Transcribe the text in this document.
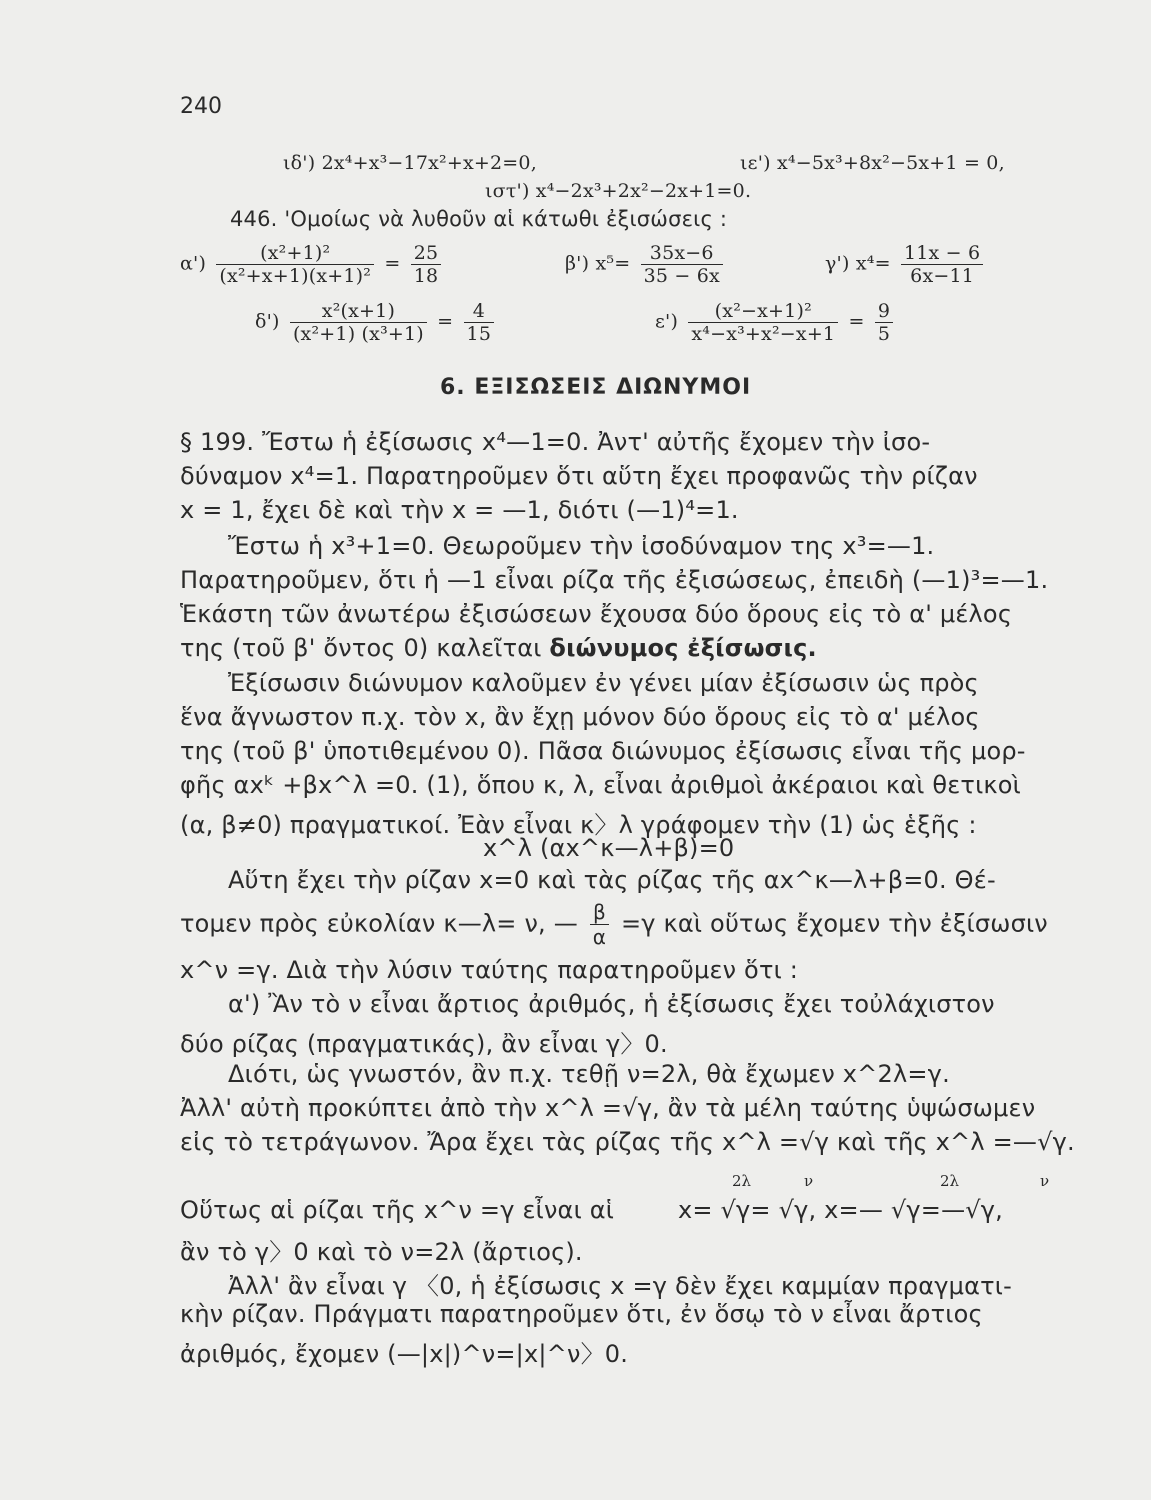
240
ιδ') 2x⁴+x³−17x²+x+2=0,	ιε') x⁴−5x³+8x²−5x+1 = 0,
ιστ') x⁴−2x³+2x²−2x+1=0.
446. 'Ομοίως νὰ λυθοῦν αἱ κάτωθι ἐξισώσεις :
$\alpha') \frac{\text{(x²+1)²}}{\text{(x²+x+1)(x+1)²}} = \frac{25}{18}$	β') $x^5= \frac{35x-6}{35 - 6x}$	γ') $x^4= \frac{11x - 6}{6x-11}$
$\delta') \frac{\text{x²(x+1)}}{\text{(x²+1) (x³+1)}} = \frac{4}{15}$	$\varepsilon') \frac{\text{(x²−x+1)²}}{\text{x⁴−x³+x²−x+1}} = \frac{9}{5}$
6. ΕΞΙΣΩΣΕΙΣ ΔΙΩΝΥΜΟΙ
§ 199. Ἔστω ἡ ἐξίσωσις x⁴—1=0. Ἀντ' αὐτῆς ἔχομεν τὴν ἰσο-
δύναμον x⁴=1. Παρατηροῦμεν ὅτι αὕτη ἔχει προφανῶς τὴν ρίζαν
x = 1, ἔχει δὲ καὶ τὴν x = —1, διότι (—1)⁴=1.
Ἔστω ἡ x³+1=0. Θεωροῦμεν τὴν ἰσοδύναμον της x³=—1.
Παρατηροῦμεν, ὅτι ἡ —1 εἶναι ρίζα τῆς ἐξισώσεως, ἐπειδὴ (—1)³=—1.
Ἑκάστη τῶν ἀνωτέρω ἐξισώσεων ἔχουσα δύο ὅρους εἰς τὸ α' μέλος
της (τοῦ β' ὄντος 0) καλεῖται διώνυμος ἐξίσωσις.
Ἐξίσωσιν διώνυμον καλοῦμεν ἐν γένει μίαν ἐξίσωσιν ὡς πρὸς
ἕνα ἄγνωστον π.χ. τὸν x, ἂν ἔχῃ μόνον δύο ὅρους εἰς τὸ α' μέλος
της (τοῦ β' ὑποτιθεμένου 0). Πᾶσα διώνυμος ἐξίσωσις εἶναι τῆς μορ-
φῆς αxᵏ +βx^λ =0. (1), ὅπου κ, λ, εἶναι ἀριθμοὶ ἀκέραιοι καὶ θετικοὶ
(α, β≠0) πραγματικοί. Ἐὰν εἶναι κ〉λ γράφομεν τὴν (1) ὡς ἑξῆς :
x^λ (αx^κ—λ+β)=0
Αὕτη ἔχει τὴν ρίζαν x=0 καὶ τὰς ρίζας τῆς αx^κ—λ+β=0. Θέ-
τομεν πρὸς εὐκολίαν κ—λ= ν, — $\frac{\beta}{\alpha} =\gamma$ καὶ οὕτως ἔχομεν τὴν ἐξίσωσιν
x^ν =γ. Διὰ τὴν λύσιν ταύτης παρατηροῦμεν ὅτι :
α') Ἂν τὸ ν εἶναι ἄρτιος ἀριθμός, ἡ ἐξίσωσις ἔχει τοὐλάχιστον
δύο ρίζας (πραγματικάς), ἂν εἶναι γ〉0.
Διότι, ὡς γνωστόν, ἂν π.χ. τεθῇ ν=2λ, θὰ ἔχωμεν x^2λ=γ.
Ἀλλ' αὐτὴ προκύπτει ἀπὸ τὴν x^λ =√γ, ἂν τὰ μέλη ταύτης ὑψώσωμεν
εἰς τὸ τετράγωνον. Ἄρα ἔχει τὰς ρίζας τῆς x^λ =√γ καὶ τῆς x^λ =—√γ.
2λ	ν	2λ	ν
Οὕτως αἱ ρίζαι τῆς x^ν =γ εἶναι αἱ	x= √γ= √γ, x=— √γ=—√γ,
ἂν τὸ γ〉0 καὶ τὸ ν=2λ (ἄρτιος).
Ἀλλ' ἂν εἶναι γ 〈0, ἡ ἐξίσωσις x =γ δὲν ἔχει καμμίαν πραγματι-
κὴν ρίζαν. Πράγματι παρατηροῦμεν ὅτι, ἐν ὅσῳ τὸ ν εἶναι ἄρτιος
ἀριθμός, ἔχομεν (—|x|)^ν=|x|^ν〉0.
